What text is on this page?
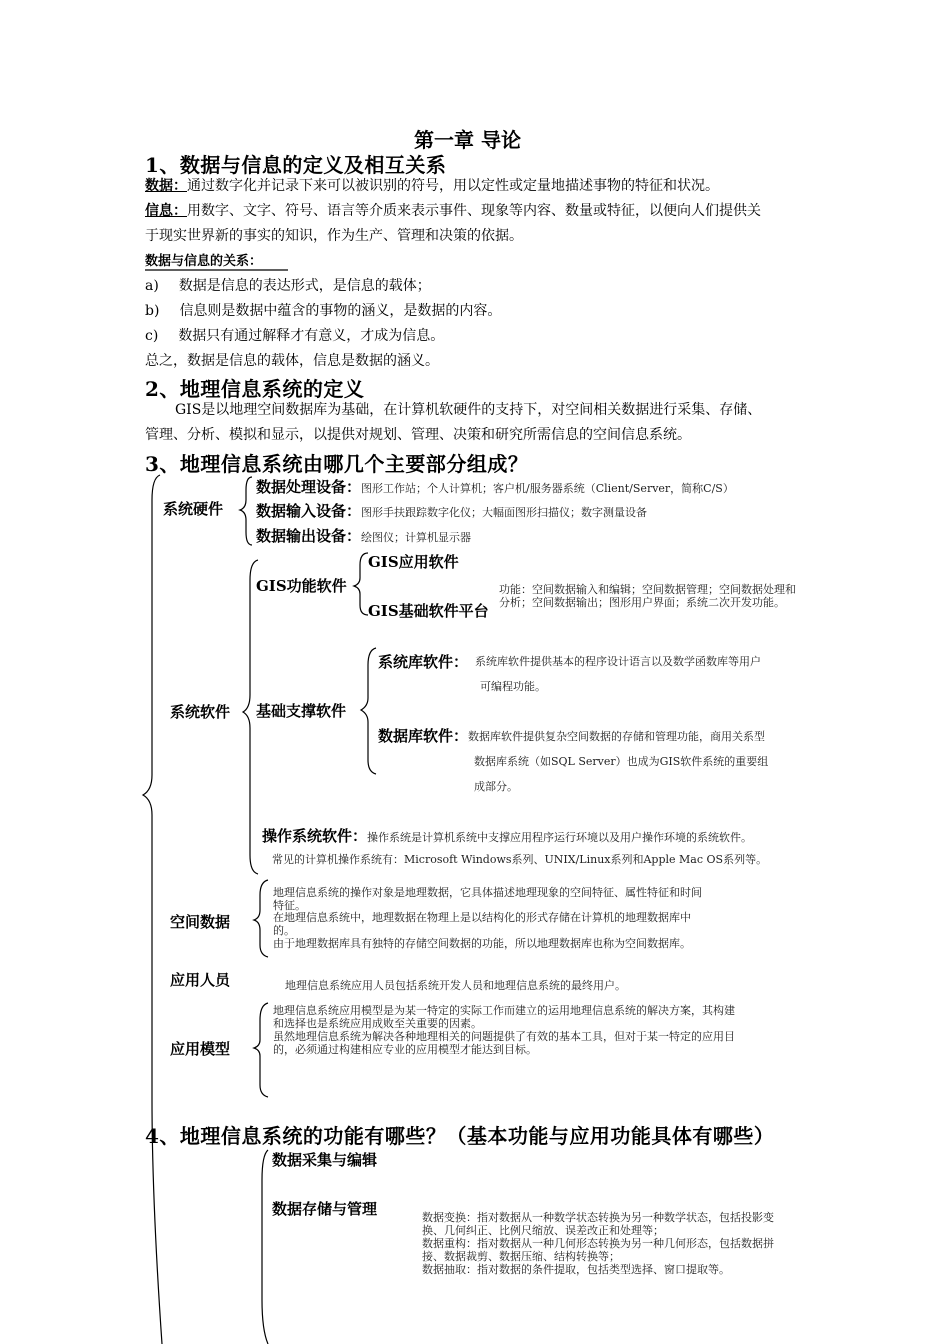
第一章 导论
1、数据与信息的定义及相互关系
数据：通过数字化并记录下来可以被识别的符号，用以定性或定量地描述事物的特征和状况。
信息：用数字、文字、符号、语言等介质来表示事件、现象等内容、数量或特征，以便向人们提供关
于现实世界新的事实的知识，作为生产、管理和决策的依据。
数据与信息的关系：
a) 数据是信息的表达形式，是信息的载体；
b) 信息则是数据中蕴含的事物的涵义，是数据的内容。
c) 数据只有通过解释才有意义，才成为信息。
总之，数据是信息的载体，信息是数据的涵义。
2、地理信息系统的定义
GIS是以地理空间数据库为基础，在计算机软硬件的支持下，对空间相关数据进行采集、存储、
管理、分析、模拟和显示，以提供对规划、管理、决策和研究所需信息的空间信息系统。
3、地理信息系统由哪几个主要部分组成？
系统硬件
数据处理设备：图形工作站；个人计算机；客户机/服务器系统（Client/Server，简称C/S）
数据输入设备：图形手扶跟踪数字化仪；大幅面图形扫描仪；数字测量设备
数据输出设备：绘图仪；计算机显示器
系统软件
GIS功能软件
GIS应用软件
GIS基础软件平台
功能：空间数据输入和编辑；空间数据管理；空间数据处理和
分析；空间数据输出；图形用户界面；系统二次开发功能。
基础支撑软件
系统库软件： 系统库软件提供基本的程序设计语言以及数学函数库等用户
可编程功能。
数据库软件： 数据库软件提供复杂空间数据的存储和管理功能，商用关系型
数据库系统（如SQL Server）也成为GIS软件系统的重要组
成部分。
操作系统软件：操作系统是计算机系统中支撑应用程序运行环境以及用户操作环境的系统软件。
常见的计算机操作系统有：Microsoft Windows系列、UNIX/Linux系列和Apple Mac OS系列等。
空间数据
地理信息系统的操作对象是地理数据，它具体描述地理现象的空间特征、属性特征和时间
特征。
在地理信息系统中，地理数据在物理上是以结构化的形式存储在计算机的地理数据库中
的。
由于地理数据库具有独特的存储空间数据的功能，所以地理数据库也称为空间数据库。
应用人员	地理信息系统应用人员包括系统开发人员和地理信息系统的最终用户。
应用模型
地理信息系统应用模型是为某一特定的实际工作而建立的运用地理信息系统的解决方案，其构建
和选择也是系统应用成败至关重要的因素。
虽然地理信息系统为解决各种地理相关的问题提供了有效的基本工具，但对于某一特定的应用目
的，必须通过构建相应专业的应用模型才能达到目标。
4、地理信息系统的功能有哪些？（基本功能与应用功能具体有哪些）
数据采集与编辑
数据存储与管理	数据变换：指对数据从一种数学状态转换为另一种数学状态，包括投影变
换、几何纠正、比例尺缩放、误差改正和处理等；
数据重构：指对数据从一种几何形态转换为另一种几何形态，包括数据拼
接、数据裁剪、数据压缩、结构转换等；
数据抽取：指对数据的条件提取，包括类型选择、窗口提取等。
